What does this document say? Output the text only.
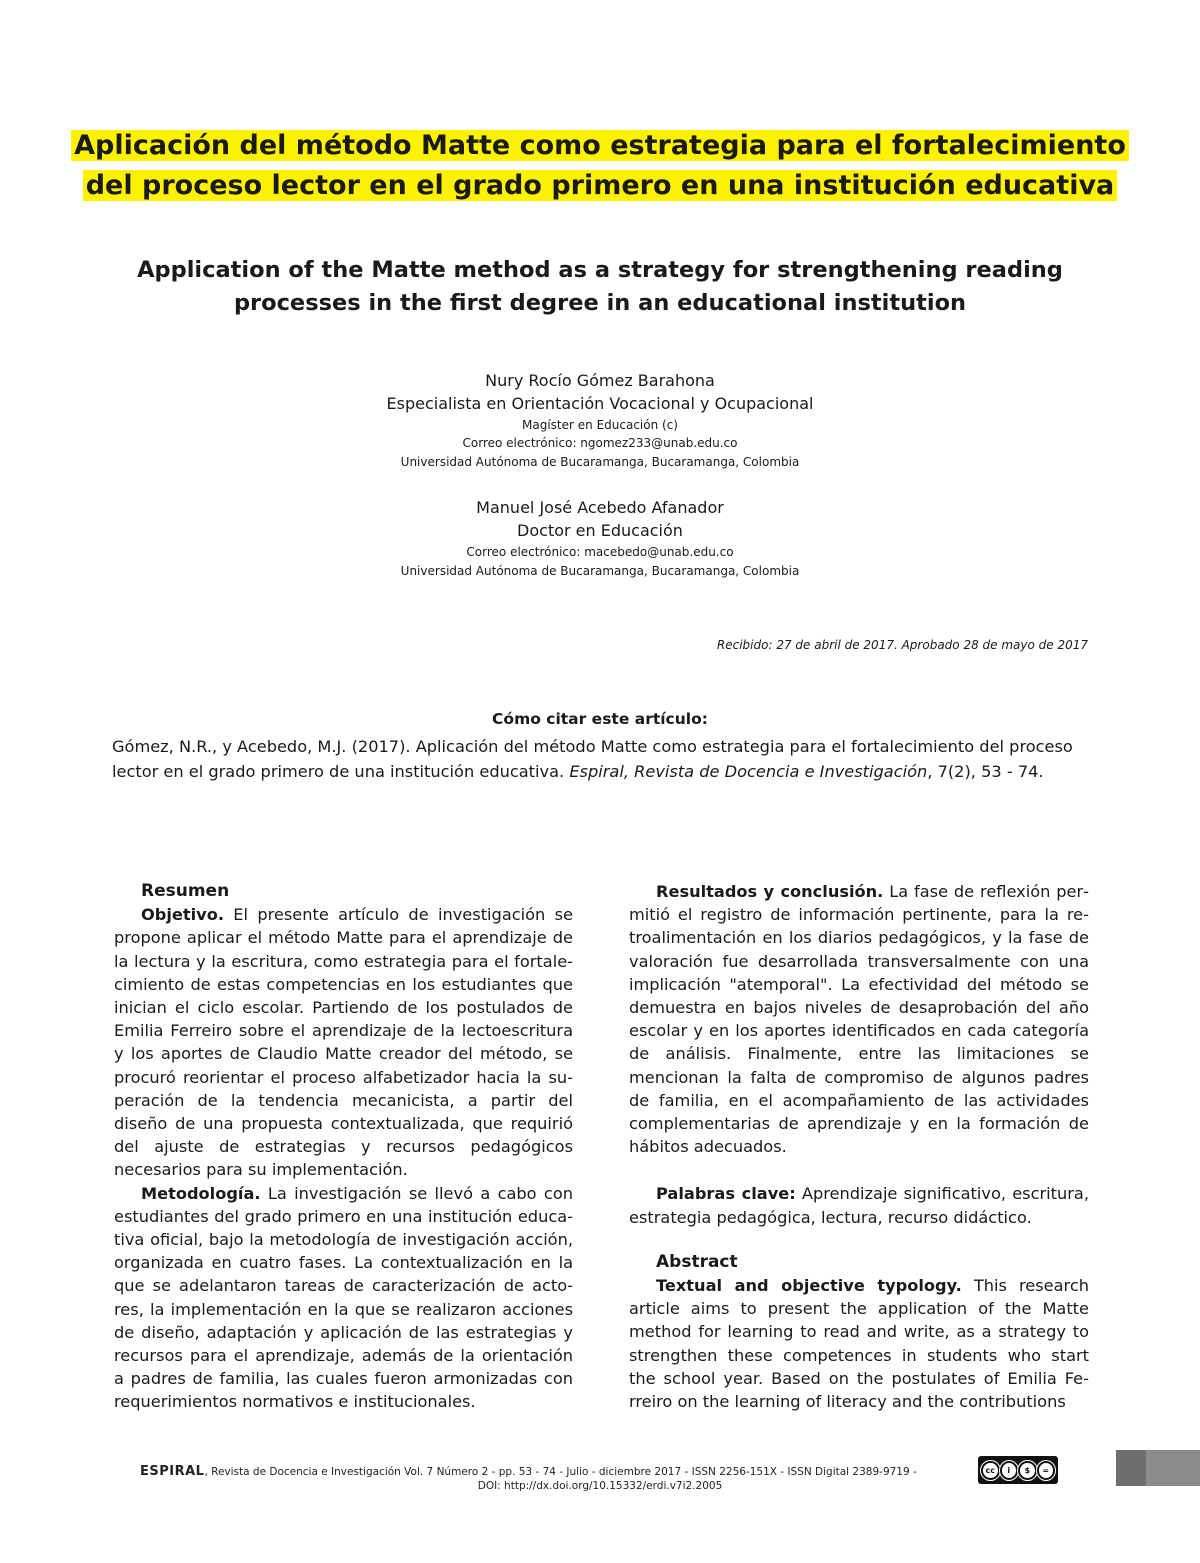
Aplicación del método Matte como estrategia para el fortalecimiento
del proceso lector en el grado primero en una institución educativa
Application of the Matte method as a strategy for strengthening reading
processes in the first degree in an educational institution
Nury Rocío Gómez Barahona
Especialista en Orientación Vocacional y Ocupacional
Magíster en Educación (c)
Correo electrónico: ngomez233@unab.edu.co
Universidad Autónoma de Bucaramanga, Bucaramanga, Colombia
Manuel José Acebedo Afanador
Doctor en Educación
Correo electrónico: macebedo@unab.edu.co
Universidad Autónoma de Bucaramanga, Bucaramanga, Colombia
Recibido: 27 de abril de 2017. Aprobado 28 de mayo de 2017
Cómo citar este artículo:
Gómez, N.R., y Acebedo, M.J. (2017). Aplicación del método Matte como estrategia para el fortalecimiento del proceso lector en el grado primero de una institución educativa. Espiral, Revista de Docencia e Investigación, 7(2), 53 - 74.

Resumen

Objetivo. El presente artículo de investigación se propone aplicar el método Matte para el aprendizaje de la lectura y la escritura, como estrategia para el fortalecimiento de estas competencias en los estudiantes que inician el ciclo escolar. Partiendo de los postulados de Emilia Ferreiro sobre el aprendizaje de la lectoescritura y los aportes de Claudio Matte creador del método, se procuró reorientar el proceso alfabetizador hacia la superación de la tendencia mecanicista, a partir del diseño de una propuesta contextualizada, que requirió del ajuste de estrategias y recursos pedagógicos necesarios para su implementación.

Metodología. La investigación se llevó a cabo con estudiantes del grado primero en una institución educativa oficial, bajo la metodología de investigación acción, organizada en cuatro fases. La contextualización en la que se adelantaron tareas de caracterización de actores, la implementación en la que se realizaron acciones de diseño, adaptación y aplicación de las estrategias y recursos para el aprendizaje, además de la orientación a padres de familia, las cuales fueron armonizadas con requerimientos normativos e institucionales.

Resultados y conclusión. La fase de reflexión permitió el registro de información pertinente, para la retroalimentación en los diarios pedagógicos, y la fase de valoración fue desarrollada transversalmente con una implicación "atemporal". La efectividad del método se demuestra en bajos niveles de desaprobación del año escolar y en los aportes identificados en cada categoría de análisis. Finalmente, entre las limitaciones se mencionan la falta de compromiso de algunos padres de familia, en el acompañamiento de las actividades complementarias de aprendizaje y en la formación de hábitos adecuados.

Palabras clave: Aprendizaje significativo, escritura, estrategia pedagógica, lectura, recurso didáctico.

Abstract

Textual and objective typology. This research article aims to present the application of the Matte method for learning to read and write, as a strategy to strengthen these competences in students who start the school year. Based on the postulates of Emilia Ferreiro on the learning of literacy and the contributions

ESPIRAL, Revista de Docencia e Investigación Vol. 7 Número 2 - pp. 53 - 74 - Julio - diciembre 2017 - ISSN 2256-151X - ISSN Digital 2389-9719 -	cc	i	$	=
DOI: http://dx.doi.org/10.15332/erdi.v7i2.2005
